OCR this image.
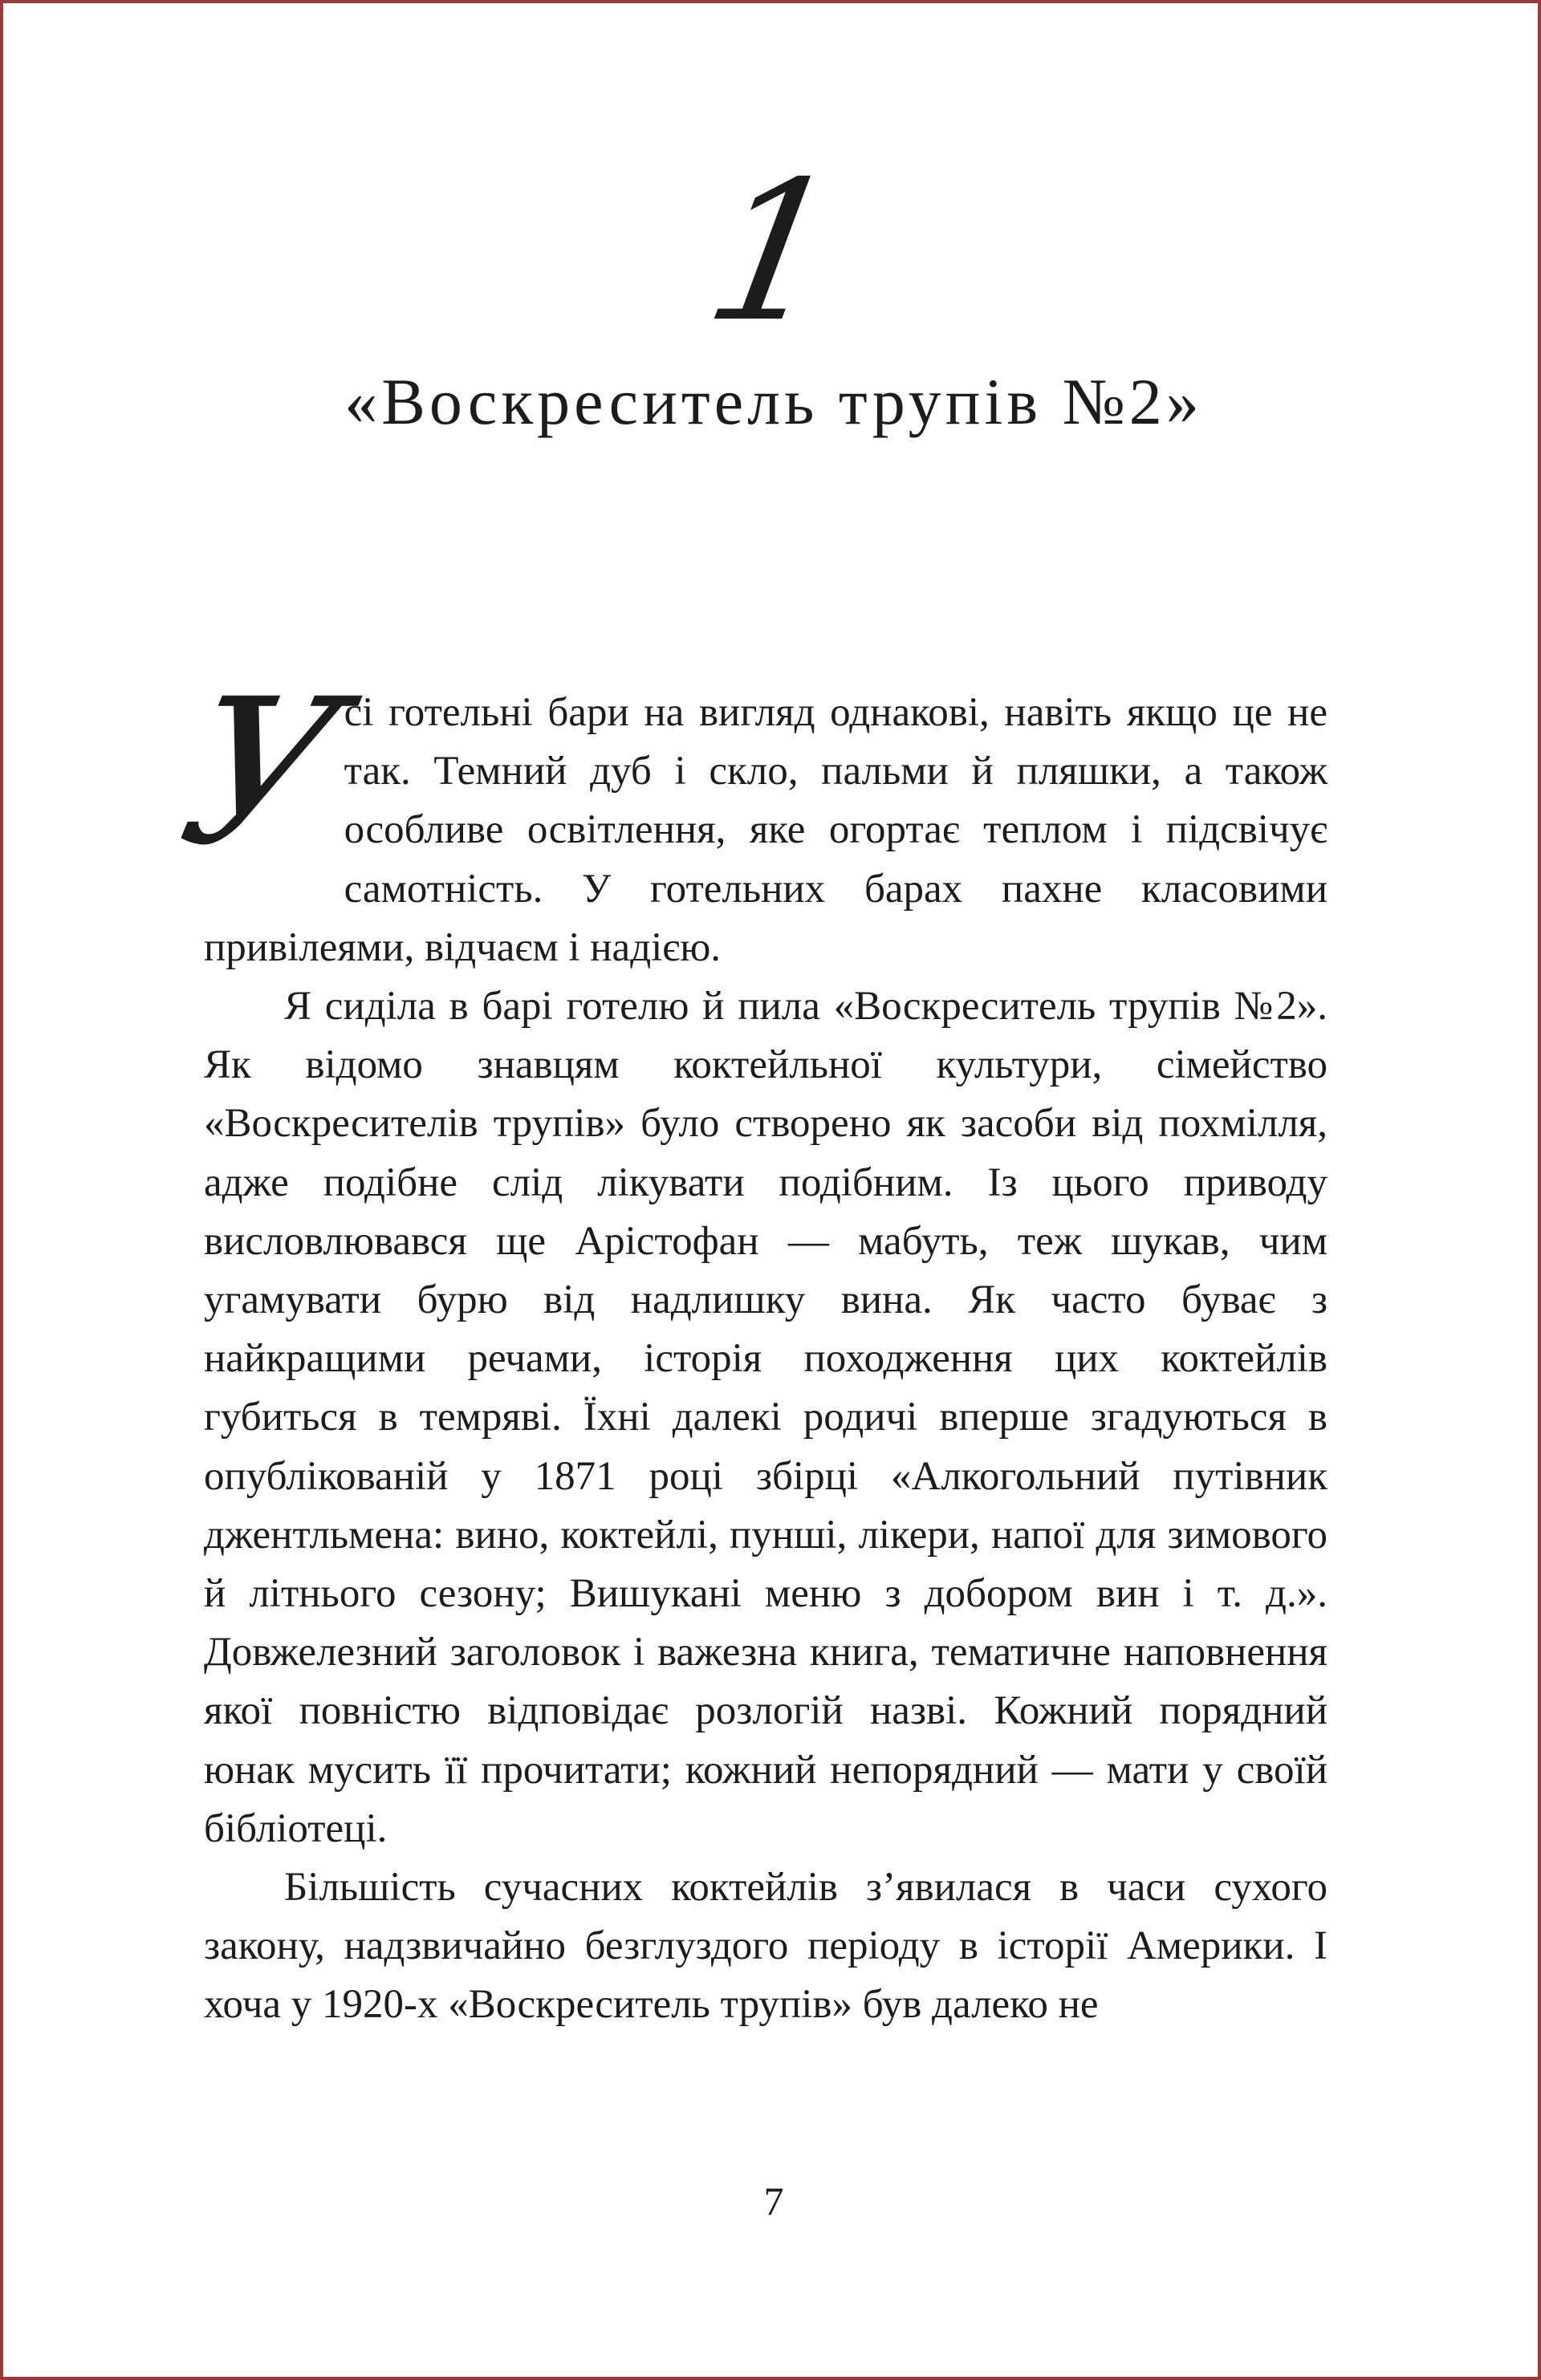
1
«Воскреситель трупів №2»

У
сі готельні бари на вигляд однакові, навіть якщо це не так. Темний дуб і скло, пальми й пляшки, а також особливе освітлення, яке огортає теплом і підсвічує самотність. У готельних барах пахне класовими привілеями, відчаєм і надією.

Я сиділа в барі готелю й пила «Воскреситель трупів №2». Як відомо знавцям коктейльної культури, сімейство «Воскресителів трупів» було створено як засоби від похмілля, адже подібне слід лікувати подібним. Із цього приводу висловлювався ще Арістофан — мабуть, теж шукав, чим угамувати бурю від надлишку вина. Як часто буває з найкращими речами, історія походження цих коктейлів губиться в темряві. Їхні далекі родичі вперше згадуються в опублікованій у 1871 році збірці «Алкогольний путівник джентльмена: вино, коктейлі, пунші, лікери, напої для зимового й літнього сезону; Вишукані меню з добором вин і т. д.». Довжелезний заголовок і важезна книга, тематичне наповнення якої повністю відповідає розлогій назві. Кожний порядний юнак мусить її прочитати; кожний непорядний — мати у своїй бібліотеці.

Більшість сучасних коктейлів з’явилася в часи сухого закону, надзвичайно безглуздого періоду в історії Америки. І хоча у 1920-х «Воскреситель трупів» був далеко не

7
